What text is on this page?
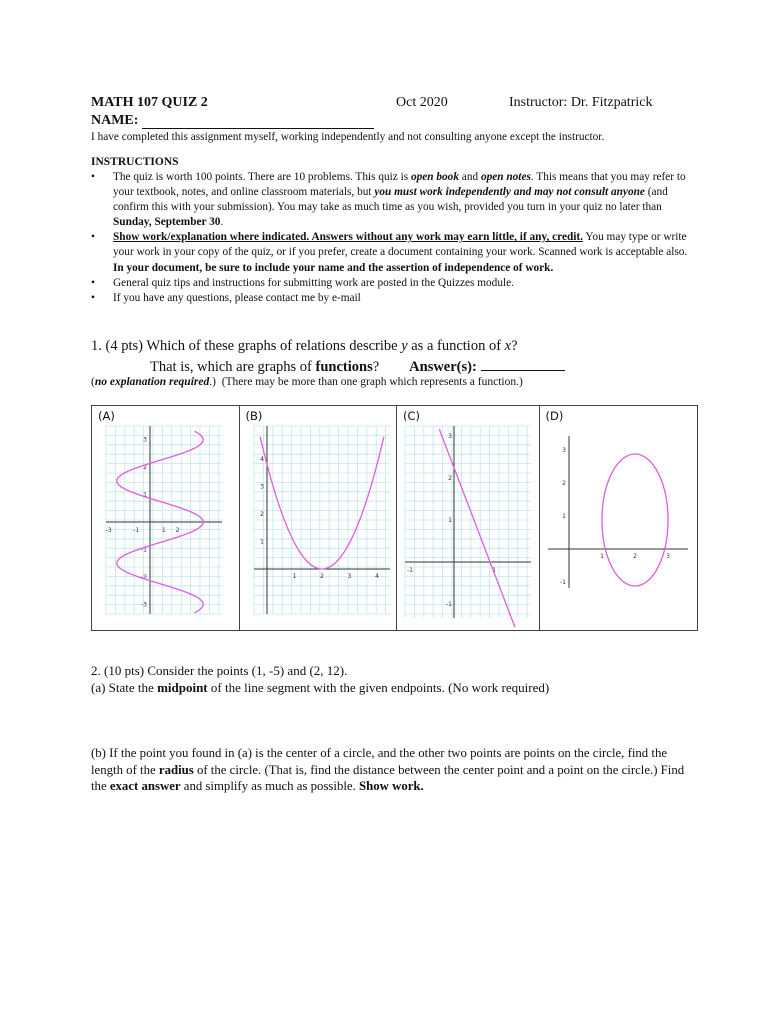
MATH 107 QUIZ 2	Oct 2020	Instructor: Dr. Fitzpatrick
NAME:
I have completed this assignment myself, working independently and not consulting anyone except the instructor.
INSTRUCTIONS
• The quiz is worth 100 points. There are 10 problems. This quiz is open book and open notes. This means that you may refer to your textbook, notes, and online classroom materials, but you must work independently and may not consult anyone (and confirm this with your submission). You may take as much time as you wish, provided you turn in your quiz no later than Sunday, September 30.
• Show work/explanation where indicated. Answers without any work may earn little, if any, credit. You may type or write your work in your copy of the quiz, or if you prefer, create a document containing your work. Scanned work is acceptable also. In your document, be sure to include your name and the assertion of independence of work.
• General quiz tips and instructions for submitting work are posted in the Quizzes module.
• If you have any questions, please contact me by e-mail
1. (4 pts) Which of these graphs of relations describe y as a function of x?
That is, which are graphs of functions? Answer(s):
(no explanation required.)  (There may be more than one graph which represents a function.)
(A)
-3	-1	1 2
3
2
1
-1
-2
-3
(B)
1	2	3	4
4
3
2
1
(C)
-1	1
3
2
1
-1
(D)
1	2	3
3
2
1
-1
2. (10 pts) Consider the points (1, -5) and (2, 12).
(a) State the midpoint of the line segment with the given endpoints. (No work required)
(b) If the point you found in (a) is the center of a circle, and the other two points are points on the circle, find the length of the radius of the circle. (That is, find the distance between the center point and a point on the circle.) Find the exact answer and simplify as much as possible. Show work.
